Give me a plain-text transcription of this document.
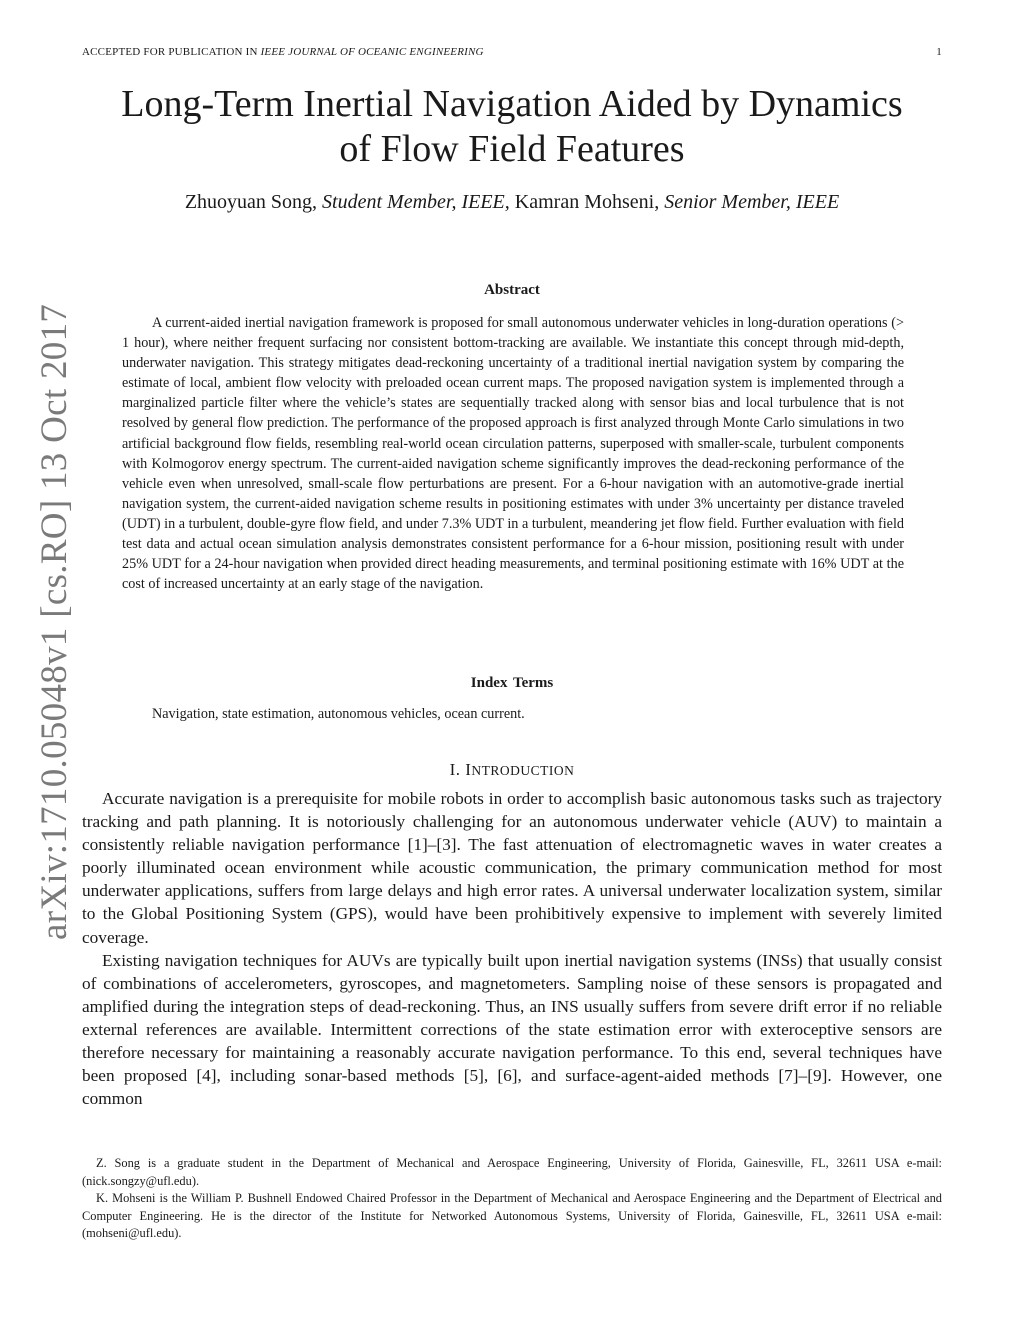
ACCEPTED FOR PUBLICATION IN IEEE JOURNAL OF OCEANIC ENGINEERING	1
Long-Term Inertial Navigation Aided by Dynamics
of Flow Field Features
Zhuoyuan Song, Student Member, IEEE, Kamran Mohseni, Senior Member, IEEE
Abstract

A current-aided inertial navigation framework is proposed for small autonomous underwater vehicles in long-duration operations (> 1 hour), where neither frequent surfacing nor consistent bottom-tracking are available. We instantiate this concept through mid-depth, underwater navigation. This strategy mitigates dead-reckoning uncertainty of a traditional inertial navigation system by comparing the estimate of local, ambient flow velocity with preloaded ocean current maps. The proposed navigation system is implemented through a marginalized particle filter where the vehicle’s states are sequentially tracked along with sensor bias and local turbulence that is not resolved by general flow prediction. The performance of the proposed approach is first analyzed through Monte Carlo simulations in two artificial background flow fields, resembling real-world ocean circulation patterns, superposed with smaller-scale, turbulent components with Kolmogorov energy spectrum. The current-aided navigation scheme significantly improves the dead-reckoning performance of the vehicle even when unresolved, small-scale flow perturbations are present. For a 6-hour navigation with an automotive-grade inertial navigation system, the current-aided navigation scheme results in positioning estimates with under 3% uncertainty per distance traveled (UDT) in a turbulent, double-gyre flow field, and under 7.3% UDT in a turbulent, meandering jet flow field. Further evaluation with field test data and actual ocean simulation analysis demonstrates consistent performance for a 6-hour mission, positioning result with under 25% UDT for a 24-hour navigation when provided direct heading measurements, and terminal positioning estimate with 16% UDT at the cost of increased uncertainty at an early stage of the navigation.

Index Terms
Navigation, state estimation, autonomous vehicles, ocean current.
I. INTRODUCTION

Accurate navigation is a prerequisite for mobile robots in order to accomplish basic autonomous tasks such as trajectory tracking and path planning. It is notoriously challenging for an autonomous underwater vehicle (AUV) to maintain a consistently reliable navigation performance [1]–[3]. The fast attenuation of electromagnetic waves in water creates a poorly illuminated ocean environment while acoustic communication, the primary communication method for most underwater applications, suffers from large delays and high error rates. A universal underwater localization system, similar to the Global Positioning System (GPS), would have been prohibitively expensive to implement with severely limited coverage.

Existing navigation techniques for AUVs are typically built upon inertial navigation systems (INSs) that usually consist of combinations of accelerometers, gyroscopes, and magnetometers. Sampling noise of these sensors is propagated and amplified during the integration steps of dead-reckoning. Thus, an INS usually suffers from severe drift error if no reliable external references are available. Intermittent corrections of the state estimation error with exteroceptive sensors are therefore necessary for maintaining a reasonably accurate navigation performance. To this end, several techniques have been proposed [4], including sonar-based methods [5], [6], and surface-agent-aided methods [7]–[9]. However, one common

Z. Song is a graduate student in the Department of Mechanical and Aerospace Engineering, University of Florida, Gainesville, FL, 32611 USA e-mail: (nick.songzy@ufl.edu).

K. Mohseni is the William P. Bushnell Endowed Chaired Professor in the Department of Mechanical and Aerospace Engineering and the Department of Electrical and Computer Engineering. He is the director of the Institute for Networked Autonomous Systems, University of Florida, Gainesville, FL, 32611 USA e-mail: (mohseni@ufl.edu).

arXiv:1710.05048v1 [cs.RO] 13 Oct 2017
